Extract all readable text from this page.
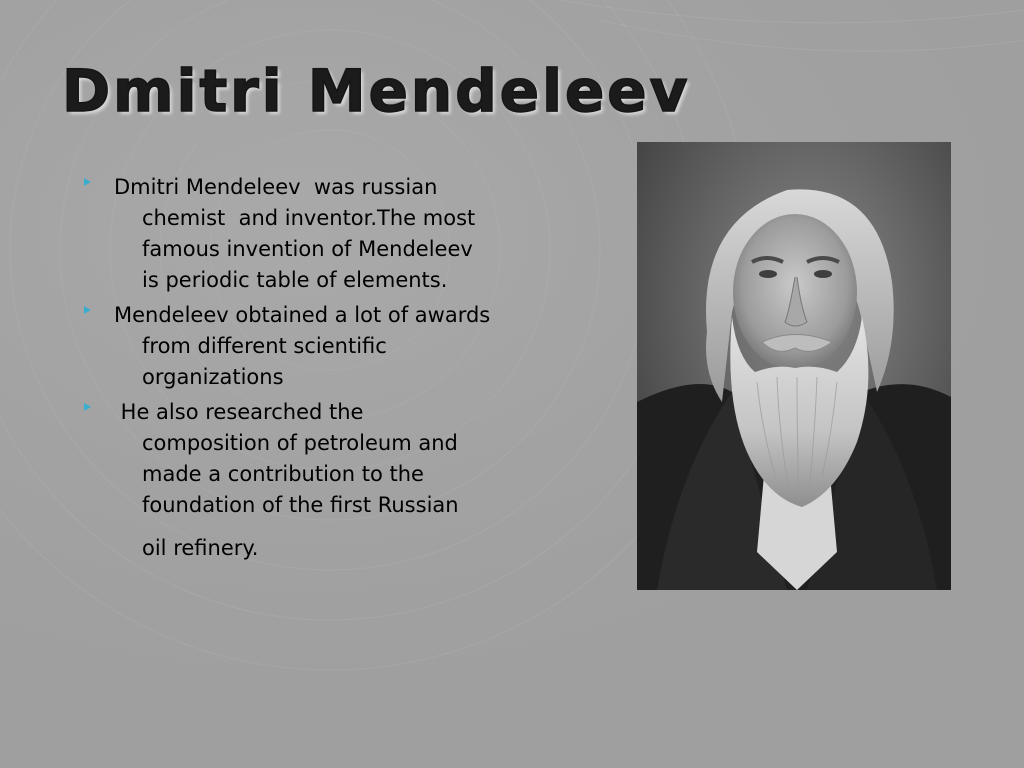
Dmitri Mendeleev
Dmitri Mendeleev  was russian
chemist  and inventor.The most
famous invention of Mendeleev
is periodic table of elements.
Mendeleev obtained a lot of awards
from different scientific
organizations
He also researched the
composition of petroleum and
made a contribution to the
foundation of the first Russian
oil refinery.
